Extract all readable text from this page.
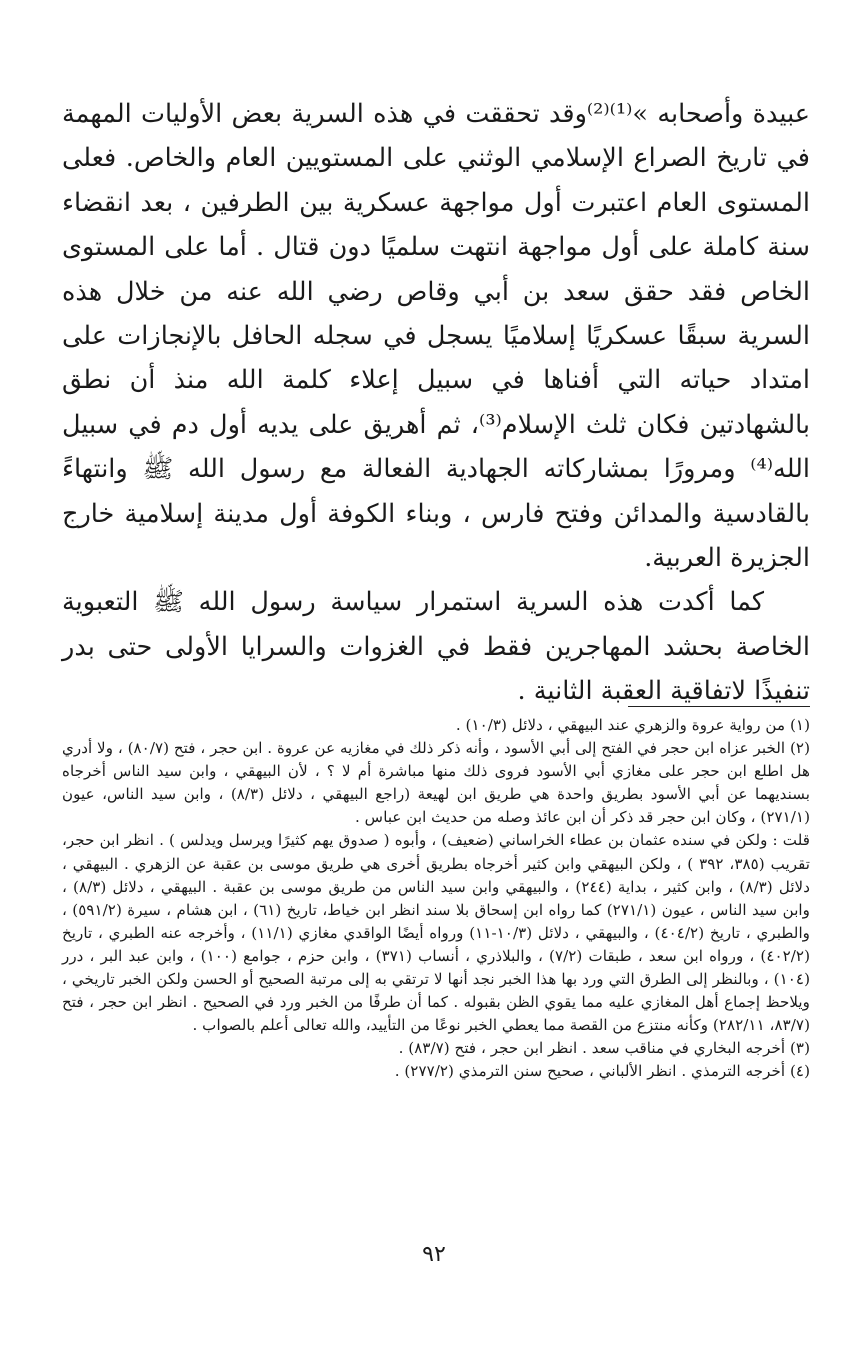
عبيدة وأصحابه »⁽¹⁾⁽²⁾وقد تحققت في هذه السرية بعض الأوليات المهمة في تاريخ الصراع الإسلامي الوثني على المستويين العام والخاص. فعلى المستوى العام اعتبرت أول مواجهة عسكرية بين الطرفين ، بعد انقضاء سنة كاملة على أول مواجهة انتهت سلميًا دون قتال . أما على المستوى الخاص فقد حقق سعد بن أبي وقاص رضي الله عنه من خلال هذه السرية سبقًا عسكريًا إسلاميًا يسجل في سجله الحافل بالإنجازات على امتداد حياته التي أفناها في سبيل إعلاء كلمة الله منذ أن نطق بالشهادتين فكان ثلث الإسلام⁽³⁾، ثم أهريق على يديه أول دم في سبيل الله⁽⁴⁾ ومرورًا بمشاركاته الجهادية الفعالة مع رسول الله ﷺ وانتهاءً بالقادسية والمدائن وفتح فارس ، وبناء الكوفة أول مدينة إسلامية خارج الجزيرة العربية.

كما أكدت هذه السرية استمرار سياسة رسول الله ﷺ التعبوية الخاصة بحشد المهاجرين فقط في الغزوات والسرايا الأولى حتى بدر تنفيذًا لاتفاقية العقبة الثانية .

(١) من رواية عروة والزهري عند البيهقي ، دلائل (١٠/٣) .

(٢) الخبر عزاه ابن حجر في الفتح إلى أبي الأسود ، وأنه ذكر ذلك في مغازيه عن عروة . ابن حجر ، فتح (٨٠/٧) ، ولا أدري هل اطلع ابن حجر على مغازي أبي الأسود فروى ذلك منها مباشرة أم لا ؟ ، لأن البيهقي ، وابن سيد الناس أخرجاه بسنديهما عن أبي الأسود بطريق واحدة هي طريق ابن لهيعة (راجع البيهقي ، دلائل (٨/٣) ، وابن سيد الناس، عيون (٢٧١/١) ، وكان ابن حجر قد ذكر أن ابن عائذ وصله من حديث ابن عباس .

قلت : ولكن في سنده عثمان بن عطاء الخراساني (ضعيف) ، وأبوه ( صدوق يهم كثيرًا ويرسل ويدلس ) . انظر ابن حجر، تقريب (٣٨٥، ٣٩٢ ) ، ولكن البيهقي وابن كثير أخرجاه بطريق أخرى هي طريق موسى بن عقبة عن الزهري . البيهقي ، دلائل (٨/٣) ، وابن كثير ، بداية (٢٤٤) ، والبيهقي وابن سيد الناس من طريق موسى بن عقبة . البيهقي ، دلائل (٨/٣) ، وابن سيد الناس ، عيون (٢٧١/١) كما رواه ابن إسحاق بلا سند انظر ابن خياط، تاريخ (٦١) ، ابن هشام ، سيرة (٥٩١/٢) ، والطبري ، تاريخ (٤٠٤/٢) ، والبيهقي ، دلائل (١٠/٣-١١) ورواه أيضًا الواقدي مغازي (١١/١) ، وأخرجه عنه الطبري ، تاريخ (٤٠٢/٢) ، ورواه ابن سعد ، طبقات (٧/٢) ، والبلاذري ، أنساب (٣٧١) ، وابن حزم ، جوامع (١٠٠) ، وابن عبد البر ، درر (١٠٤) ، وبالنظر إلى الطرق التي ورد بها هذا الخبر نجد أنها لا ترتقي به إلى مرتبة الصحيح أو الحسن ولكن الخبر تاريخي ، ويلاحظ إجماع أهل المغازي عليه مما يقوي الظن بقبوله . كما أن طرفًا من الخبر ورد في الصحيح . انظر ابن حجر ، فتح (٨٣/٧، ٢٨٢/١١) وكأنه منتزع من القصة مما يعطي الخبر نوعًا من التأييد، والله تعالى أعلم بالصواب .

(٣) أخرجه البخاري في مناقب سعد . انظر ابن حجر ، فتح (٨٣/٧) .

(٤) أخرجه الترمذي . انظر الألباني ، صحيح سنن الترمذي (٢٧٧/٢) .

٩٢
